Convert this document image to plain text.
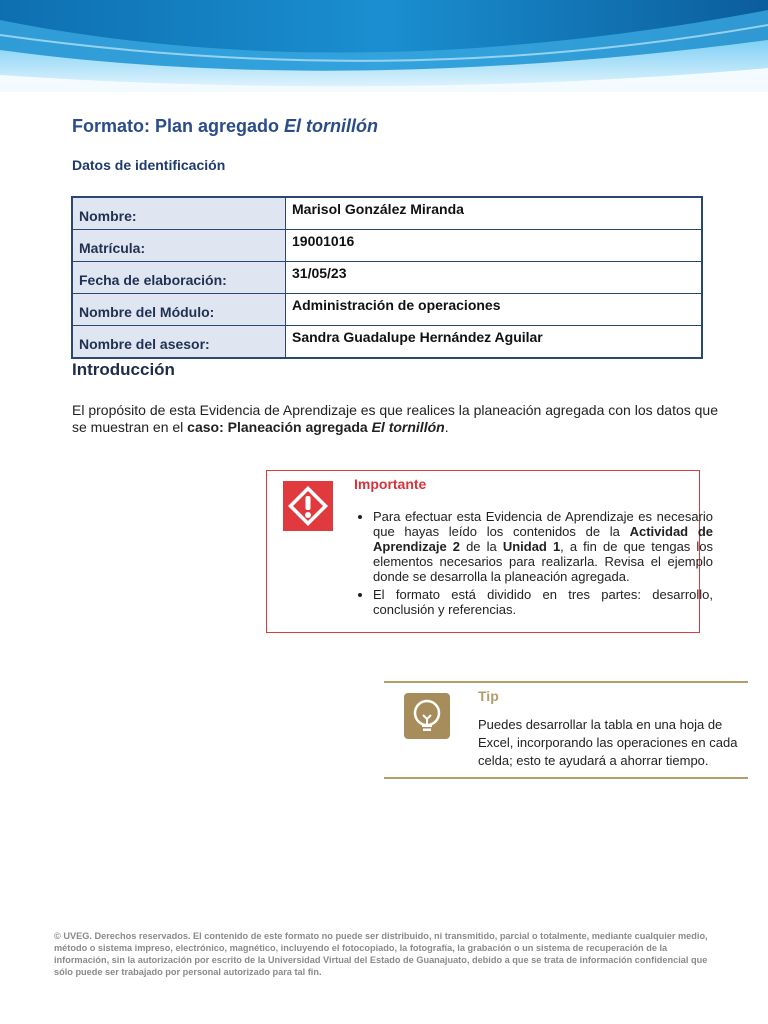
Formato: Plan agregado El tornillón
Datos de identificación
Nombre:	Marisol González Miranda
Matrícula:	19001016
Fecha de elaboración:	31/05/23
Nombre del Módulo:	Administración de operaciones
Nombre del asesor:	Sandra Guadalupe Hernández Aguilar
Introducción
El propósito de esta Evidencia de Aprendizaje es que realices la planeación agregada con los datos que se muestran en el caso: Planeación agregada El tornillón.
Importante
• Para efectuar esta Evidencia de Aprendizaje es necesario que hayas leído los contenidos de la Actividad de Aprendizaje 2 de la Unidad 1, a fin de que tengas los elementos necesarios para realizarla. Revisa el ejemplo donde se desarrolla la planeación agregada.
• El formato está dividido en tres partes: desarrollo, conclusión y referencias.
Tip
Puedes desarrollar la tabla en una hoja de Excel, incorporando las operaciones en cada celda; esto te ayudará a ahorrar tiempo.
© UVEG. Derechos reservados. El contenido de este formato no puede ser distribuido, ni transmitido, parcial o totalmente, mediante cualquier medio, método o sistema impreso, electrónico, magnético, incluyendo el fotocopiado, la fotografía, la grabación o un sistema de recuperación de la información, sin la autorización por escrito de la Universidad Virtual del Estado de Guanajuato, debido a que se trata de información confidencial que sólo puede ser trabajado por personal autorizado para tal fin.
